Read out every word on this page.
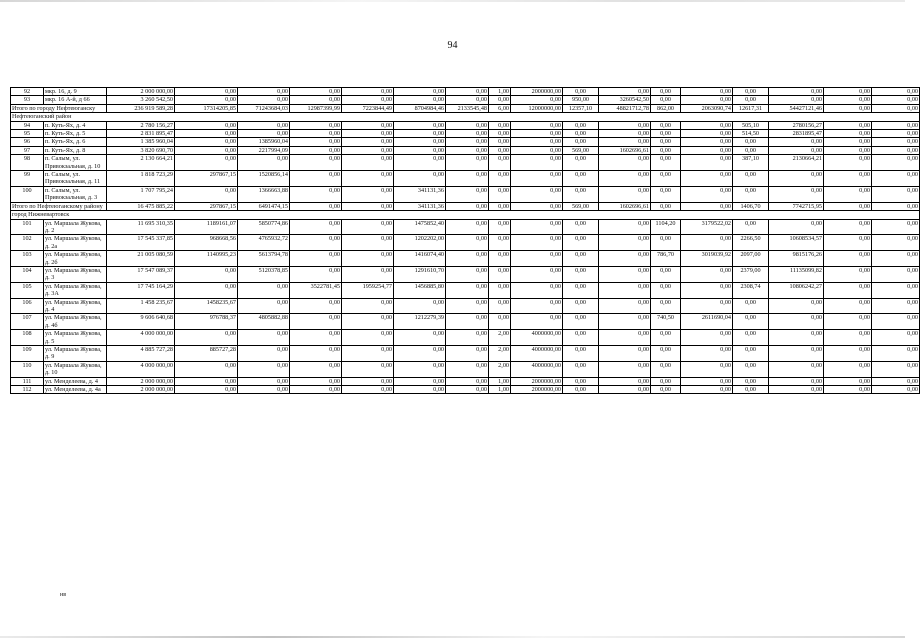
94
92	мкр. 16, д. 9	2 000 000,00	0,00	0,00	0,00	0,00	0,00	0,00	1,00	2000000,00	0,00	0,00	0,00	0,00	0,00	0,00	0,00	0,00
93	мкр. 16 А-й, д 66	3 260 542,50	0,00	0,00	0,00	0,00	0,00	0,00	0,00	0,00	950,00	3260542,50	0,00	0,00	0,00	0,00	0,00	0,00
Итого по городу Нефтеюганску		236 919 589,28	17314205,85	71243684,03	12987399,99	7223844,49	8704984,46	2133545,48	6,00	12000000,00	12357,10	48821712,78	862,00	2063090,74	12617,31	54427121,46	0,00	0,00
Нефтеюганский район																		
94	п. Куть-Ях, д. 4	2 780 156,27	0,00	0,00	0,00	0,00	0,00	0,00	0,00	0,00	0,00	0,00	0,00	0,00	505,10	2780156,27	0,00	0,00
95	п. Куть-Ях, д. 5	2 831 895,47	0,00	0,00	0,00	0,00	0,00	0,00	0,00	0,00	0,00	0,00	0,00	0,00	514,50	2831895,47	0,00	0,00
96	п. Куть-Ях, д. 6	1 385 960,04	0,00	1385960,04	0,00	0,00	0,00	0,00	0,00	0,00	0,00	0,00	0,00	0,00	0,00	0,00	0,00	0,00
97	п. Куть-Ях, д. 8	3 820 690,70	0,00	2217994,09	0,00	0,00	0,00	0,00	0,00	0,00	569,00	1602696,61	0,00	0,00	0,00	0,00	0,00	0,00
98	п. Салым, ул. Привокзальная, д. 10	2 130 664,21	0,00	0,00	0,00	0,00	0,00	0,00	0,00	0,00	0,00	0,00	0,00	0,00	387,10	2130664,21	0,00	0,00
99	п. Салым, ул. Привокзальная, д. 11	1 818 723,29	297867,15	1520856,14	0,00	0,00	0,00	0,00	0,00	0,00	0,00	0,00	0,00	0,00	0,00	0,00	0,00	0,00
100	п. Салым, ул. Привокзальная, д. 3	1 707 795,24	0,00	1366663,88	0,00	0,00	341131,36	0,00	0,00	0,00	0,00	0,00	0,00	0,00	0,00	0,00	0,00	0,00
Итого по Нефтеюганскому району		16 475 885,22	297867,15	6491474,15	0,00	0,00	341131,36	0,00	0,00	0,00	569,00	1602696,61	0,00	0,00	1406,70	7742715,95	0,00	0,00
город Нижневартовск																		
101	ул. Маршала Жукова, д. 2	11 695 310,35	1189161,07	5850774,86	0,00	0,00	1475852,40	0,00	0,00	0,00	0,00	0,00	1104,20	3179522,02	0,00	0,00	0,00	0,00
102	ул. Маршала Жукова, д. 2а	17 545 337,85	968668,56	4765932,72	0,00	0,00	1202202,00	0,00	0,00	0,00	0,00	0,00	0,00	0,00	2266,50	10608534,57	0,00	0,00
103	ул. Маршала Жукова, д. 2б	21 005 080,59	1140995,23	5613794,78	0,00	0,00	1416074,40	0,00	0,00	0,00	0,00	0,00	786,70	3019039,92	2097,00	9815176,26	0,00	0,00
104	ул. Маршала Жукова, д. 3	17 547 089,37	0,00	5120378,85	0,00	0,00	1291610,70	0,00	0,00	0,00	0,00	0,00	0,00	0,00	2379,00	11135099,82	0,00	0,00
105	ул. Маршала Жукова, д. 3А	17 745 164,29	0,00	0,00	3522781,45	1959254,77	1456885,80	0,00	0,00	0,00	0,00	0,00	0,00	0,00	2308,74	10806242,27	0,00	0,00
106	ул. Маршала Жукова, д. 4	1 458 235,67	1458235,67	0,00	0,00	0,00	0,00	0,00	0,00	0,00	0,00	0,00	0,00	0,00	0,00	0,00	0,00	0,00
107	ул. Маршала Жукова, д. 4б	9 606 640,68	976788,37	4805882,88	0,00	0,00	1212279,39	0,00	0,00	0,00	0,00	0,00	740,50	2611690,04	0,00	0,00	0,00	0,00
108	ул. Маршала Жукова, д. 5	4 000 000,00	0,00	0,00	0,00	0,00	0,00	0,00	2,00	4000000,00	0,00	0,00	0,00	0,00	0,00	0,00	0,00	0,00
109	ул. Маршала Жукова, д. 9	4 885 727,28	885727,28	0,00	0,00	0,00	0,00	0,00	2,00	4000000,00	0,00	0,00	0,00	0,00	0,00	0,00	0,00	0,00
110	ул. Маршала Жукова, д. 10	4 000 000,00	0,00	0,00	0,00	0,00	0,00	0,00	2,00	4000000,00	0,00	0,00	0,00	0,00	0,00	0,00	0,00	0,00
111	ул. Менделеева, д. 4	2 000 000,00	0,00	0,00	0,00	0,00	0,00	0,00	1,00	2000000,00	0,00	0,00	0,00	0,00	0,00	0,00	0,00	0,00
112	ул. Менделеева, д. 4а	2 000 000,00	0,00	0,00	0,00	0,00	0,00	0,00	1,00	2000000,00	0,00	0,00	0,00	0,00	0,00	0,00	0,00	0,00
нв
